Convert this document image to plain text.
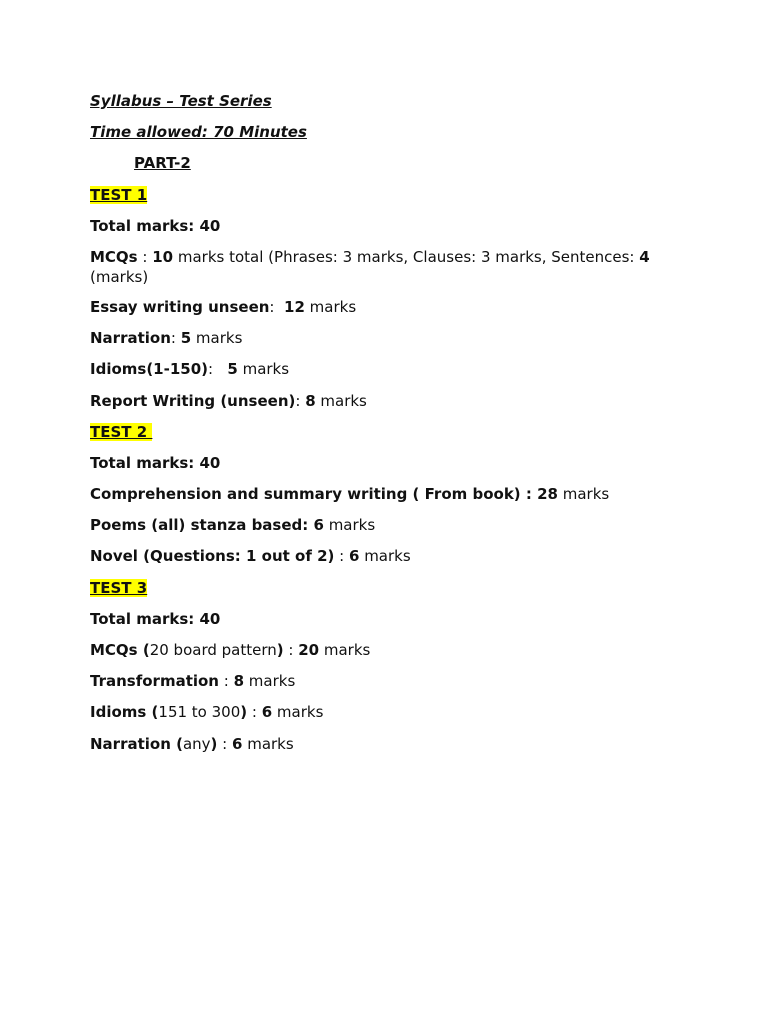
Syllabus – Test Series
Time allowed: 70 Minutes
PART-2
TEST 1
Total marks: 40
MCQs : 10 marks total (Phrases: 3 marks, Clauses: 3 marks, Sentences: 4 (marks)
Essay writing unseen:  12 marks
Narration: 5 marks
Idioms(1-150):   5 marks
Report Writing (unseen): 8 marks
TEST 2
Total marks: 40
Comprehension and summary writing ( From book) : 28 marks
Poems (all) stanza based: 6 marks
Novel (Questions: 1 out of 2) : 6 marks
TEST 3
Total marks: 40
MCQs (20 board pattern) : 20 marks
Transformation : 8 marks
Idioms (151 to 300) : 6 marks
Narration (any) : 6 marks
